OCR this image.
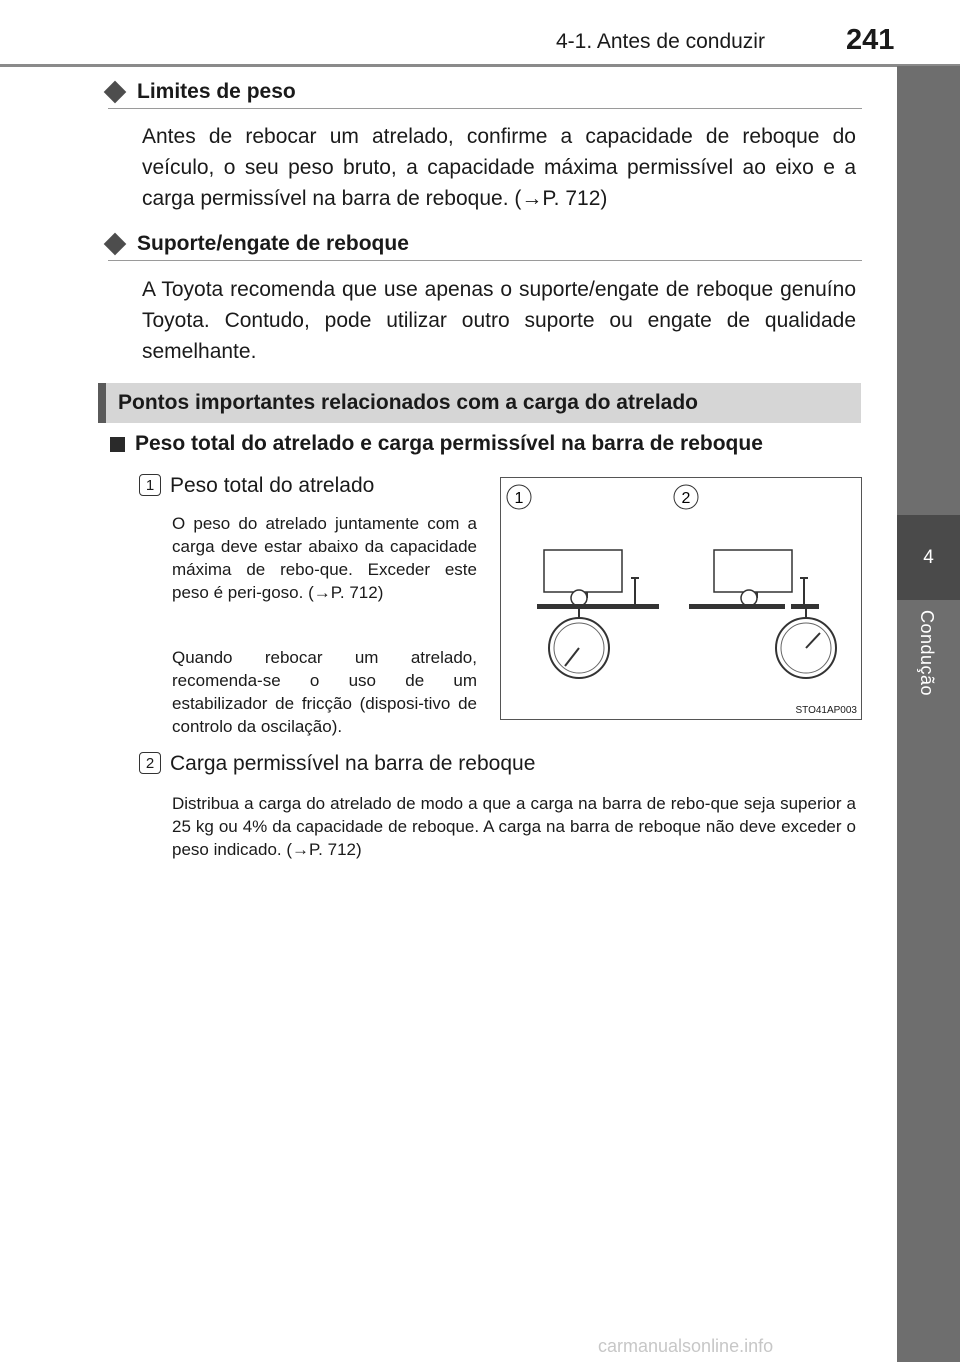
4-1. Antes de conduzir	241
4
Condução
Limites de peso
Antes de rebocar um atrelado, confirme a capacidade de reboque do veículo, o seu peso bruto, a capacidade máxima permissível ao eixo e a carga permissível na barra de reboque. (→P. 712)
Suporte/engate de reboque
A Toyota recomenda que use apenas o suporte/engate de reboque genuíno Toyota. Contudo, pode utilizar outro suporte ou engate de qualidade semelhante.
Pontos importantes relacionados com a carga do atrelado
Peso total do atrelado e carga permissível na barra de reboque
1 Peso total do atrelado
O peso do atrelado juntamente com a carga deve estar abaixo da capacidade máxima de rebo-que. Exceder este peso é peri-goso. (→P. 712)
Quando rebocar um atrelado, recomenda-se o uso de um estabilizador de fricção (disposi-tivo de controlo da oscilação).
1	2
STO41AP003
2 Carga permissível na barra de reboque
Distribua a carga do atrelado de modo a que a carga na barra de rebo-que seja superior a 25 kg ou 4% da capacidade de reboque. A carga na barra de reboque não deve exceder o peso indicado. (→P. 712)
carmanualsonline.info
